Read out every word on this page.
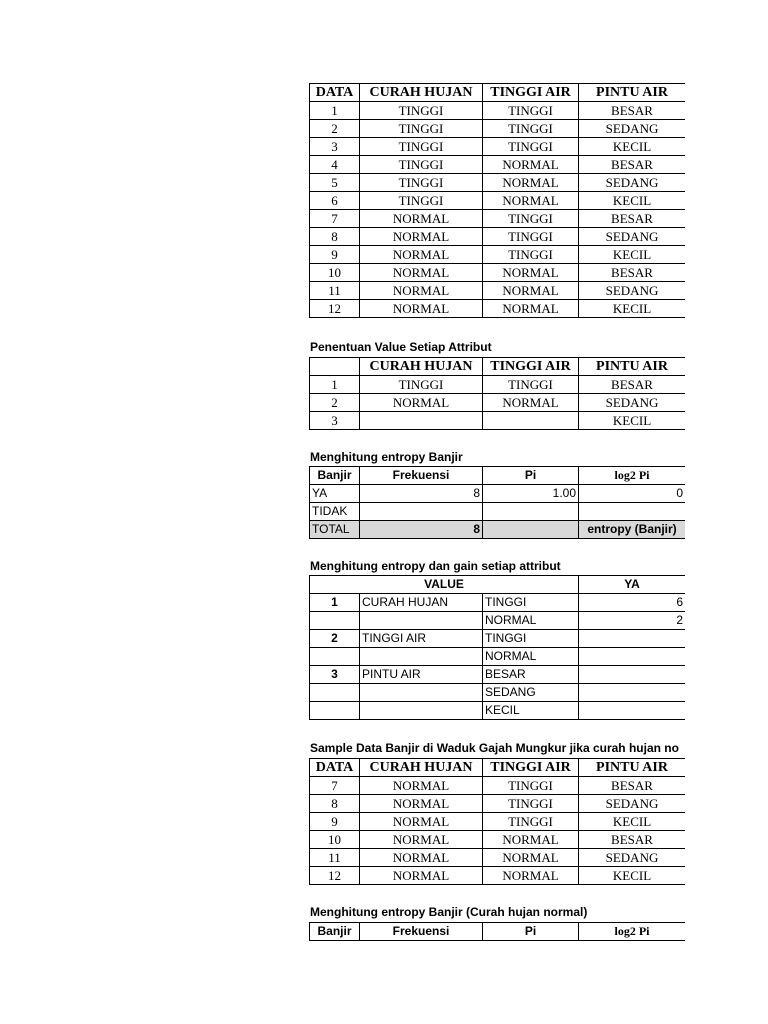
DATA	CURAH HUJAN	TINGGI AIR	PINTU AIR
1	TINGGI	TINGGI	BESAR
2	TINGGI	TINGGI	SEDANG
3	TINGGI	TINGGI	KECIL
4	TINGGI	NORMAL	BESAR
5	TINGGI	NORMAL	SEDANG
6	TINGGI	NORMAL	KECIL
7	NORMAL	TINGGI	BESAR
8	NORMAL	TINGGI	SEDANG
9	NORMAL	TINGGI	KECIL
10	NORMAL	NORMAL	BESAR
11	NORMAL	NORMAL	SEDANG
12	NORMAL	NORMAL	KECIL
Penentuan Value Setiap Attribut
	CURAH HUJAN	TINGGI AIR	PINTU AIR
1	TINGGI	TINGGI	BESAR
2	NORMAL	NORMAL	SEDANG
3			KECIL
Menghitung entropy Banjir
Banjir	Frekuensi	Pi	log2 Pi
YA	8	1.00	0
TIDAK			
TOTAL	8		entropy (Banjir)
Menghitung entropy dan gain setiap attribut
VALUE			YA
1	CURAH HUJAN	TINGGI	6
		NORMAL	2
2	TINGGI AIR	TINGGI	
		NORMAL	
3	PINTU AIR	BESAR	
		SEDANG	
		KECIL	
Sample Data Banjir di Waduk Gajah Mungkur jika curah hujan no
DATA	CURAH HUJAN	TINGGI AIR	PINTU AIR
7	NORMAL	TINGGI	BESAR
8	NORMAL	TINGGI	SEDANG
9	NORMAL	TINGGI	KECIL
10	NORMAL	NORMAL	BESAR
11	NORMAL	NORMAL	SEDANG
12	NORMAL	NORMAL	KECIL
Menghitung entropy Banjir (Curah hujan normal)
Banjir	Frekuensi	Pi	log2 Pi
